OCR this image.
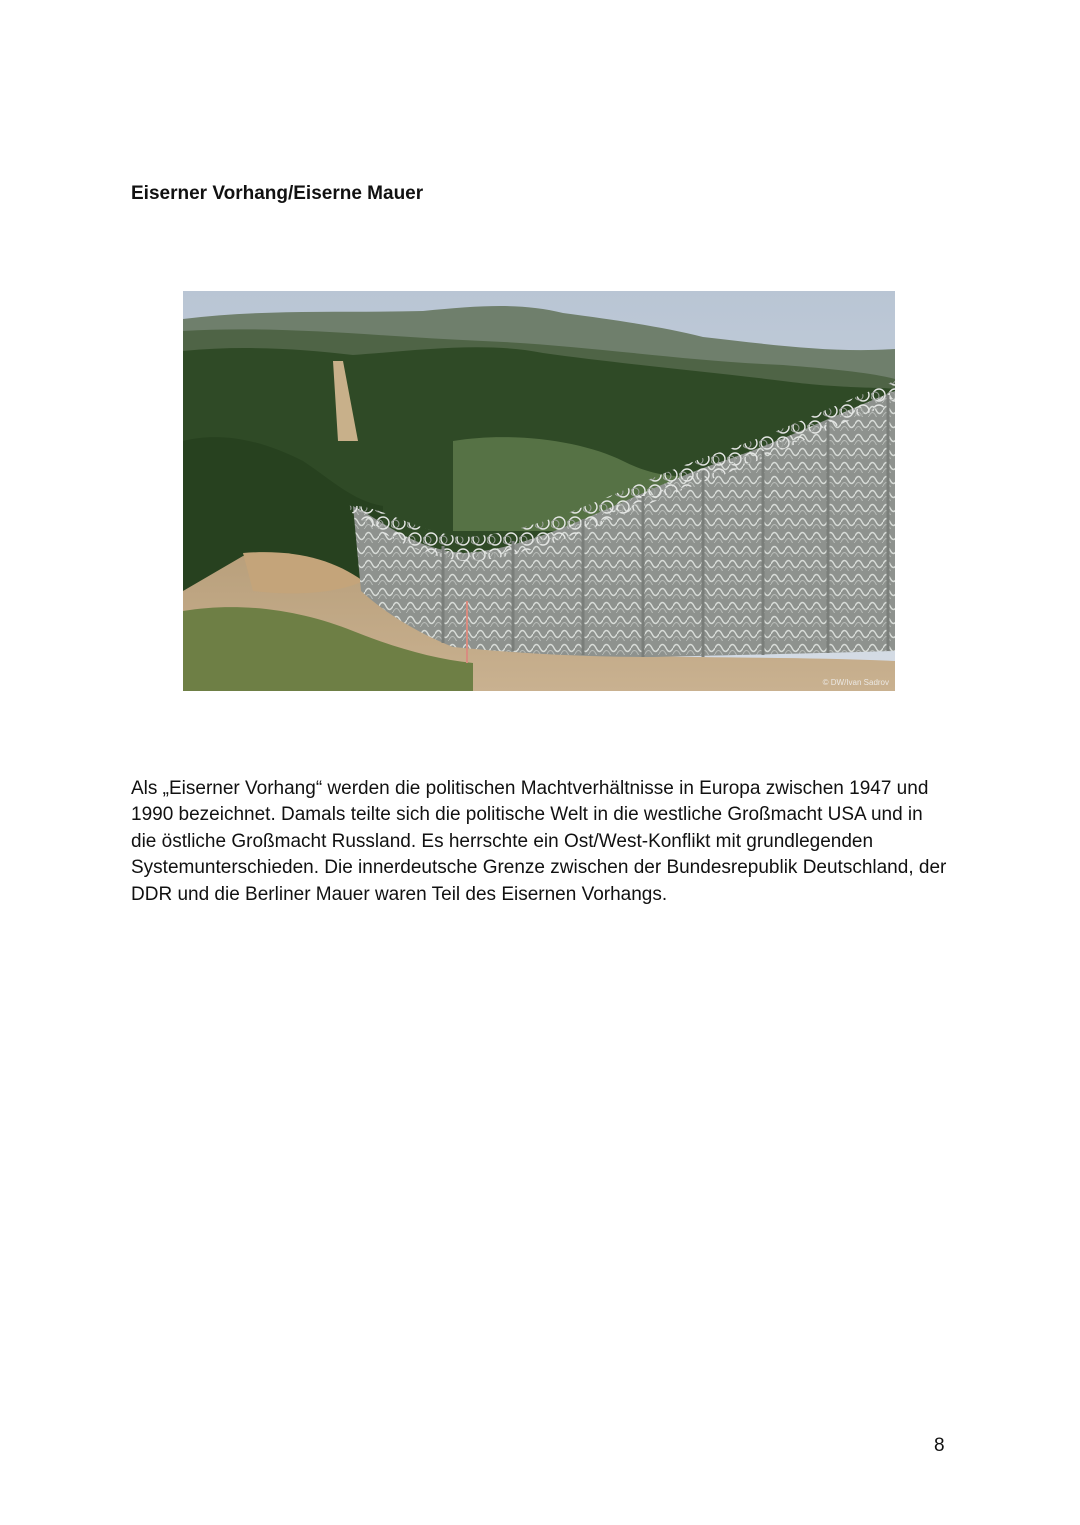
Eiserner Vorhang/Eiserne Mauer
© DW/Ivan Sadrov

Als „Eiserner Vorhang“ werden die politischen Machtverhältnisse in Europa zwischen 1947 und 1990 bezeichnet. Damals teilte sich die politische Welt in die westliche Großmacht USA und in die östliche Großmacht Russland. Es herrschte ein Ost/West-Konflikt mit grundlegenden Systemunterschieden. Die innerdeutsche Grenze zwischen der Bundesrepublik Deutschland, der DDR und die Berliner Mauer waren Teil des Eisernen Vorhangs.

8
